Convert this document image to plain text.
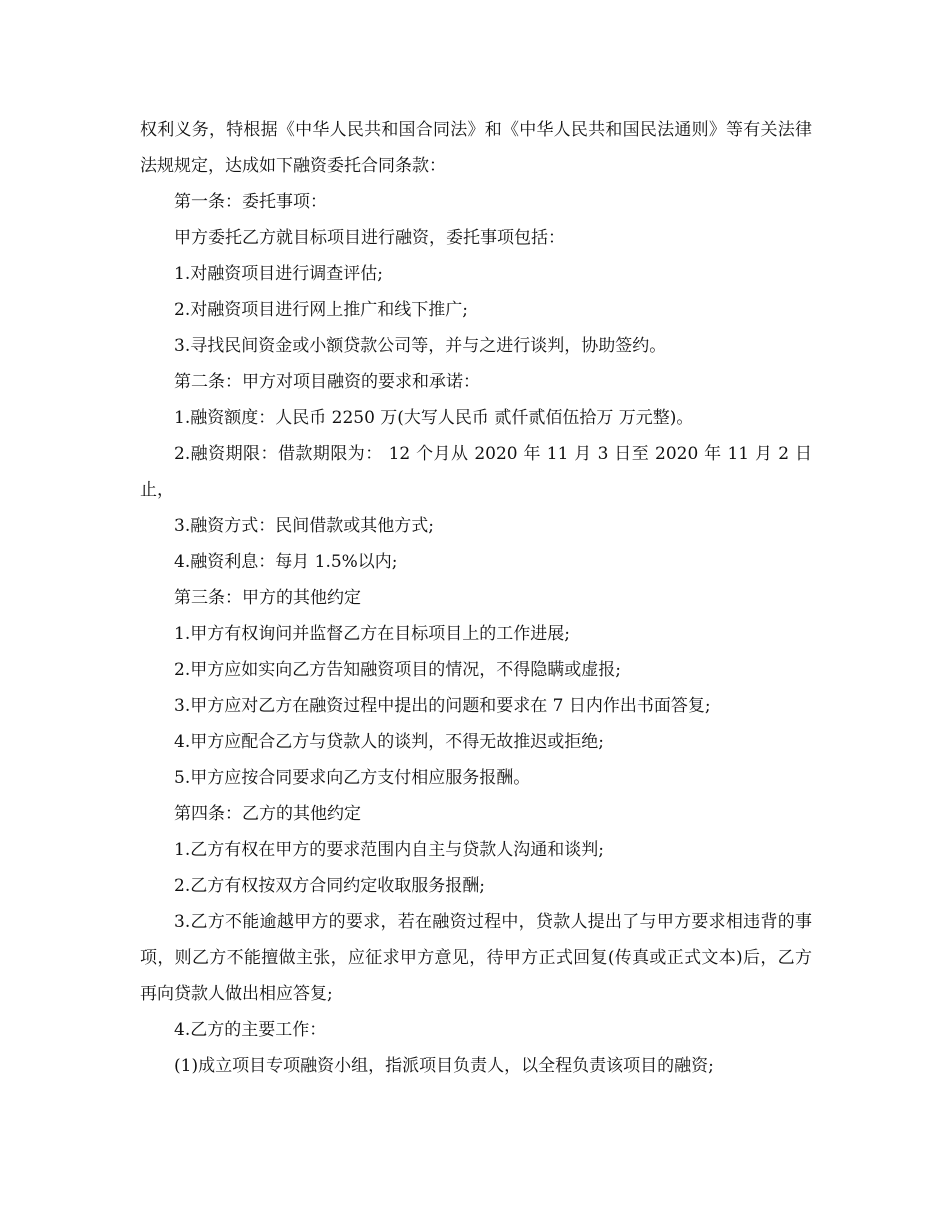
权利义务，特根据《中华人民共和国合同法》和《中华人民共和国民法通则》等有关法律法规规定，达成如下融资委托合同条款：

第一条：委托事项：

甲方委托乙方就目标项目进行融资，委托事项包括：

1.对融资项目进行调查评估;

2.对融资项目进行网上推广和线下推广;

3.寻找民间资金或小额贷款公司等，并与之进行谈判，协助签约。

第二条：甲方对项目融资的要求和承诺：

1.融资额度：人民币 2250 万(大写人民币 贰仟贰佰伍拾万 万元整)。

2.融资期限：借款期限为： 12 个月从 2020 年 11 月 3 日至 2020 年 11 月 2 日止，

3.融资方式：民间借款或其他方式;

4.融资利息：每月 1.5%以内;

第三条：甲方的其他约定

1.甲方有权询问并监督乙方在目标项目上的工作进展;

2.甲方应如实向乙方告知融资项目的情况，不得隐瞒或虚报;

3.甲方应对乙方在融资过程中提出的问题和要求在 7 日内作出书面答复;

4.甲方应配合乙方与贷款人的谈判，不得无故推迟或拒绝;

5.甲方应按合同要求向乙方支付相应服务报酬。

第四条：乙方的其他约定

1.乙方有权在甲方的要求范围内自主与贷款人沟通和谈判;

2.乙方有权按双方合同约定收取服务报酬;

3.乙方不能逾越甲方的要求，若在融资过程中，贷款人提出了与甲方要求相违背的事项，则乙方不能擅做主张，应征求甲方意见，待甲方正式回复(传真或正式文本)后，乙方再向贷款人做出相应答复;

4.乙方的主要工作：

(1)成立项目专项融资小组，指派项目负责人，以全程负责该项目的融资;
